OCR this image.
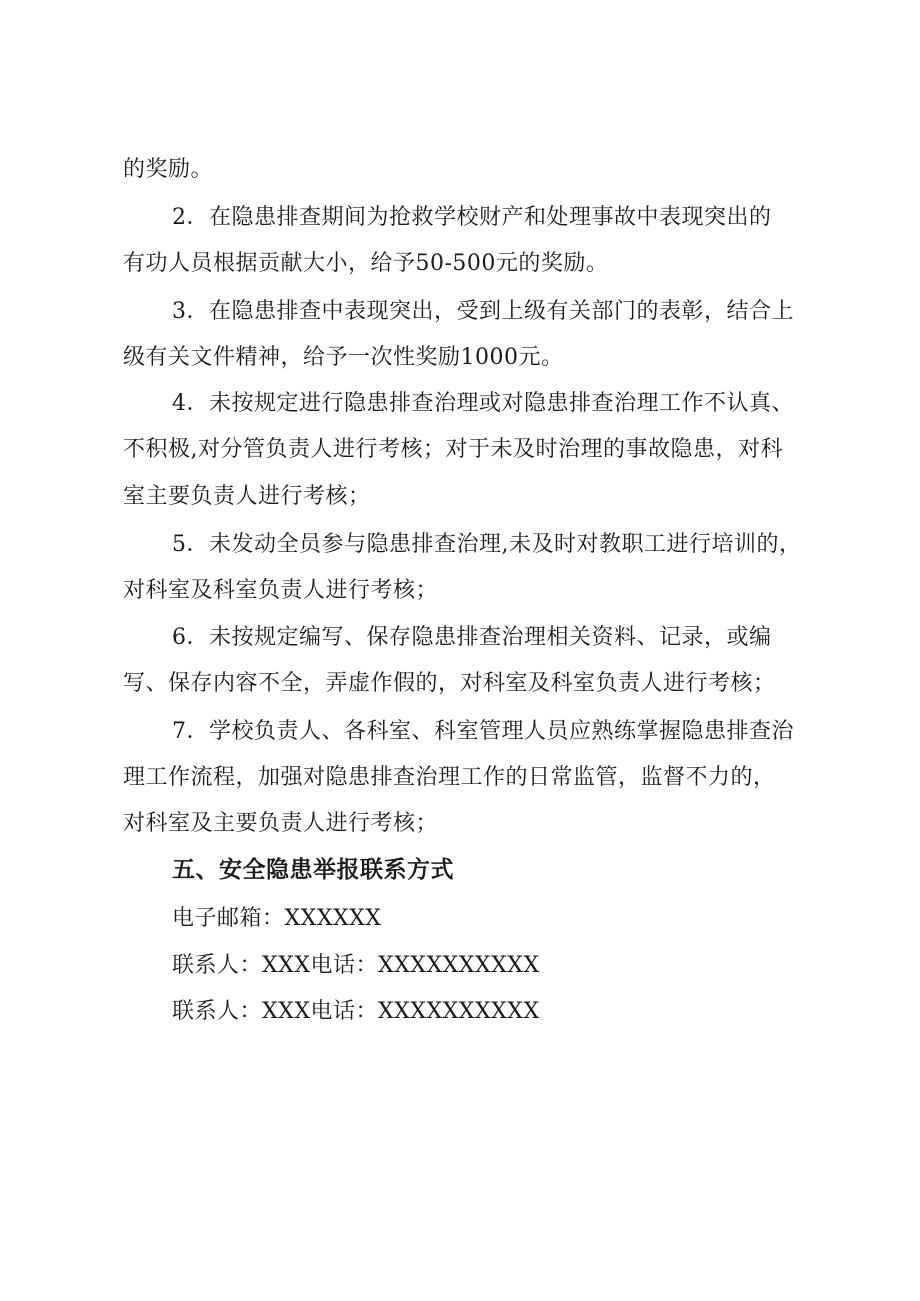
的奖励。
2．在隐患排查期间为抢救学校财产和处理事故中表现突出的
有功人员根据贡献大小，给予50-500元的奖励。
3．在隐患排查中表现突出，受到上级有关部门的表彰，结合上
级有关文件精神，给予一次性奖励1000元。
4．未按规定进行隐患排查治理或对隐患排查治理工作不认真、
不积极,对分管负责人进行考核；对于未及时治理的事故隐患，对科
室主要负责人进行考核；
5．未发动全员参与隐患排查治理,未及时对教职工进行培训的，
对科室及科室负责人进行考核；
6．未按规定编写、保存隐患排查治理相关资料、记录，或编
写、保存内容不全，弄虚作假的，对科室及科室负责人进行考核；
7．学校负责人、各科室、科室管理人员应熟练掌握隐患排查治
理工作流程，加强对隐患排查治理工作的日常监管，监督不力的，
对科室及主要负责人进行考核；
五、安全隐患举报联系方式
电子邮箱：XXXXXX
联系人：XXX电话：XXXXXXXXXX
联系人：XXX电话：XXXXXXXXXX
